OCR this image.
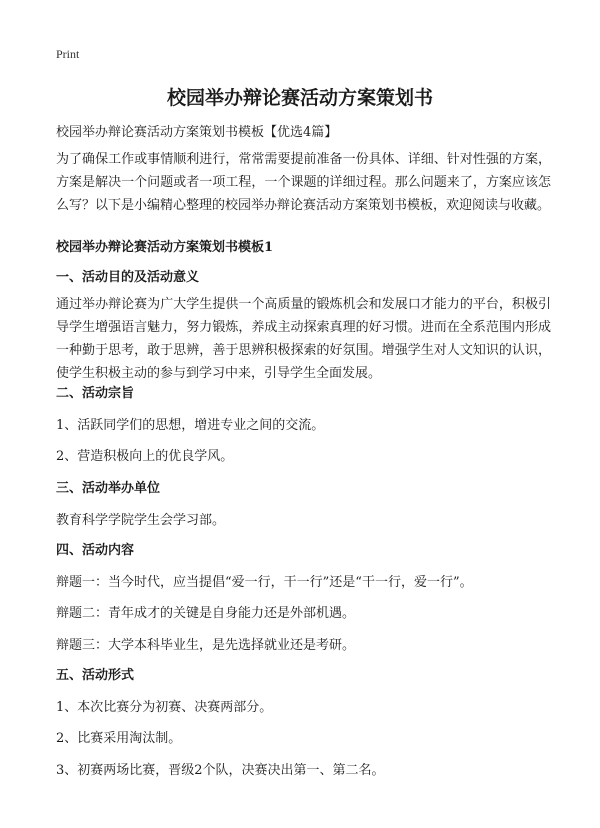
Print
校园举办辩论赛活动方案策划书

校园举办辩论赛活动方案策划书模板【优选4篇】

为了确保工作或事情顺利进行，常常需要提前准备一份具体、详细、针对性强的方案，方案是解决一个问题或者一项工程，一个课题的详细过程。那么问题来了，方案应该怎么写？以下是小编精心整理的校园举办辩论赛活动方案策划书模板，欢迎阅读与收藏。

校园举办辩论赛活动方案策划书模板1
一、活动目的及活动意义

通过举办辩论赛为广大学生提供一个高质量的锻炼机会和发展口才能力的平台，积极引导学生增强语言魅力，努力锻炼，养成主动探索真理的好习惯。进而在全系范围内形成一种勤于思考，敢于思辨，善于思辨积极探索的好氛围。增强学生对人文知识的认识，使学生积极主动的参与到学习中来，引导学生全面发展。

二、活动宗旨

1、活跃同学们的思想，增进专业之间的交流。

2、营造积极向上的优良学风。

三、活动举办单位

教育科学学院学生会学习部。

四、活动内容

辩题一：当今时代，应当提倡“爱一行，干一行”还是“干一行，爱一行”。

辩题二：青年成才的关键是自身能力还是外部机遇。

辩题三：大学本科毕业生，是先选择就业还是考研。

五、活动形式

1、本次比赛分为初赛、决赛两部分。

2、比赛采用淘汰制。

3、初赛两场比赛，晋级2个队，决赛决出第一、第二名。
